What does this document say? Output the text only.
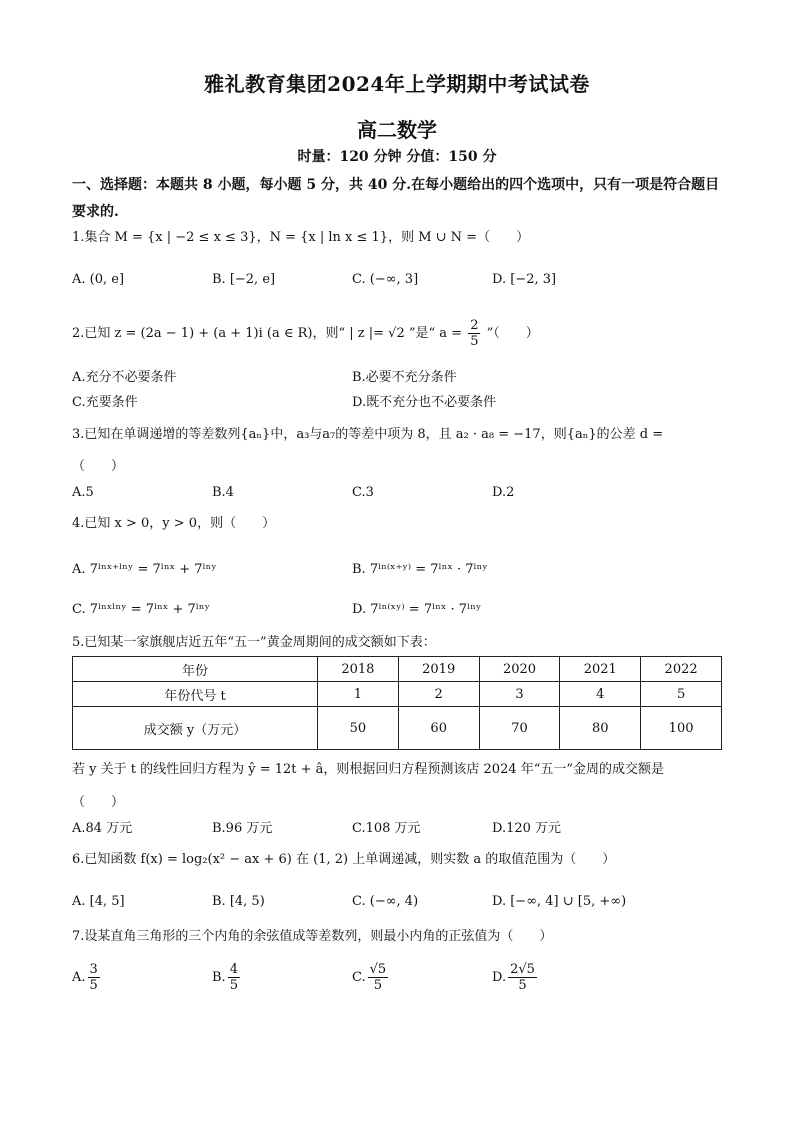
雅礼教育集团2024年上学期期中考试试卷
高二数学
时量：120 分钟 分值：150 分
一、选择题：本题共 8 小题，每小题 5 分，共 40 分.在每小题给出的四个选项中，只有一项是符合题目要求的.
1.集合 M = {x | −2 ≤ x ≤ 3}，N = {x | ln x ≤ 1}，则 M ∪ N =（　　）
A. (0, e]	B. [−2, e]	C. (−∞, 3]	D. [−2, 3]
2.已知 z = (2a − 1) + (a + 1)i (a ∈ R)，则“ | z |= √2 ”是“ $a = \frac{2}{5}$ ”（　　）
A.充分不必要条件	B.必要不充分条件
C.充要条件	D.既不充分也不必要条件
3.已知在单调递增的等差数列{aₙ}中，a₃与a₇的等差中项为 8，且 a₂ · a₈ = −17，则{aₙ}的公差 d =
（　　）
A.5	B.4	C.3	D.2
4.已知 x > 0，y > 0，则（　　）
A. 7ˡⁿˣ⁺ˡⁿʸ = 7ˡⁿˣ + 7ˡⁿʸ	B. 7ˡⁿ⁽ˣ⁺ʸ⁾ = 7ˡⁿˣ · 7ˡⁿʸ
C. 7ˡⁿˣˡⁿʸ = 7ˡⁿˣ + 7ˡⁿʸ	D. 7ˡⁿ⁽ˣʸ⁾ = 7ˡⁿˣ · 7ˡⁿʸ
5.已知某一家旗舰店近五年“五一”黄金周期间的成交额如下表：
年份	2018	2019	2020	2021	2022
年份代号 t	1	2	3	4	5
成交额 y（万元）	50	60	70	80	100
若 y 关于 t 的线性回归方程为 ŷ = 12t + â，则根据回归方程预测该店 2024 年“五一”金周的成交额是
（　　）
A.84 万元	B.96 万元	C.108 万元	D.120 万元
6.已知函数 f(x) = log₂(x² − ax + 6) 在 (1, 2) 上单调递减，则实数 a 的取值范围为（　　）
A. [4, 5]	B. [4, 5)	C. (−∞, 4)	D. [−∞, 4] ∪ [5, +∞)
7.设某直角三角形的三个内角的余弦值成等差数列，则最小内角的正弦值为（　　）
A. $\frac{3}{5}$	B. $\frac{4}{5}$	C. $\frac{√5}{5}$	D. $\frac{2√5}{5}$
